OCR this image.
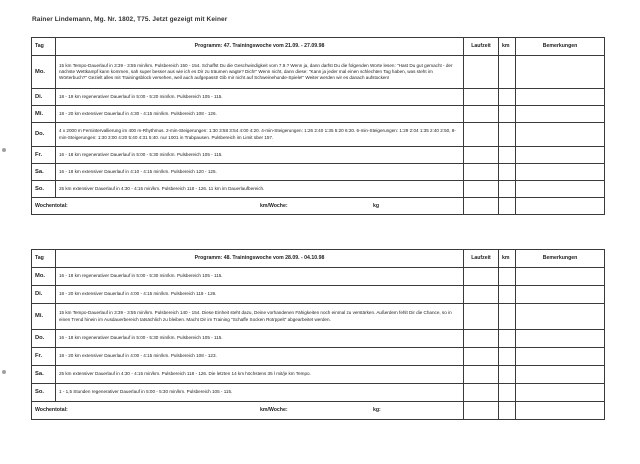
Rainer Lindemann, Mg. Nr. 1802, T75. Jetzt gezeigt mit Keiner
Tag	Programm: 47. Trainingswoche vom 21.09. - 27.09.98	Laufzeit	km	Bemerkungen
Mo.	15 km Tempo-Dauerlauf in 3:39 - 3:55 min/km. Pulsbereich 150 - 154. Schaffst Du die Geschwindigkeit vom 7.9.? Wenn ja, dann darfst Du die folgenden Worte lesen: "Hast Du gut gemacht - der nächste Wettkampf kann kommen, sah super besser aus wie ich es Dir zu träumen wagte? Dich!" Wenn nicht, dann diese: "Kann ja jeder mal einen schlechten Tag haben, was steht im Wörterbuch?" Gezielt alles mit Trainingsblock versehen, weil auch aufgepasst! Gib mir nicht auf Schweinehunde-Spiele!" Weiter werden wir es danach aufstocken!			
Di.	18 - 19 km regenerativer Dauerlauf in 5:00 - 5:20 min/km. Pulsbereich 105 - 115.			
Mi.	18 - 20 km extensiver Dauerlauf in 4:30 - 4:15 min/km. Pulsbereich 108 - 126.			
Do.	4 x 2000 m Fernintervallierung im 400 m-Rhythmus. 2-min-Steigerungen: 1:30 3:58 3:54 4:00 4:20. 4-min-Steigerungen: 1:26 2:40 1:35 5:20 6:20. 6-min-Steigerungen: 1:29 2:04 1:35 2:40 2:50, 8-min-Steigerungen: 1:30 3:00 4:20 5:40 4:31 5:40. nur 1001 in Trabpausen. Pulsbereich im Limit über 157.			
Fr.	16 - 18 km regenerativer Dauerlauf in 5:00 - 5:30 min/km. Pulsbereich 105 - 115.			
Sa.	16 - 18 km extensiver Dauerlauf in 4:10 - 4:15 min/km. Pulsbereich 120 - 125.			
So.	25 km extensiver Dauerlauf in 4:30 - 4:15 min/km. Pulsbereich 118 - 126. 11 km im Dauerlaufbereich.			

Wochentotal: km/Woche: kg				

Tag	Programm: 48. Trainingswoche vom 28.09. - 04.10.98	Laufzeit	km	Bemerkungen
Mo.	16 - 18 km regenerativer Dauerlauf in 5:00 - 5:30 min/km. Pulsbereich 105 - 115.			
Di.	18 - 20 km extensiver Dauerlauf in 4:00 - 4:15 min/km. Pulsbereich 118 - 126.			
Mi.	15 km Tempo-Dauerlauf in 3:39 - 3:55 min/km. Pulsbereich 140 - 154. Diese Einheit steht dazu, Deine vorhandenen Fähigkeiten noch einmal zu verstärken. Außerdem fehlt Dir die Chance, so in einen Trend hinein im Ausdauerbereich tatsächlich zu bleiben. Macht Dir im Training "Schaffe Socken Rotrppelt" abgearbeitet werden.			
Do.	16 - 18 km regenerativer Dauerlauf in 5:00 - 5:30 min/km. Pulsbereich 105 - 115.			
Fr.	18 - 20 km extensiver Dauerlauf in 4:00 - 4:15 min/km. Pulsbereich 108 - 123.			
Sa.	25 km extensiver Dauerlauf in 4:30 - 4:15 min/km. Pulsbereich 118 - 126. Die letzten 14 km höchstens 35 l mit/je km Tempo.			
So.	1 - 1,5 Stunden regenerativer Dauerlauf in 5:00 - 5:30 min/km. Pulsbereich 105 - 115.			

Wochentotal: km/Woche: kg:				
